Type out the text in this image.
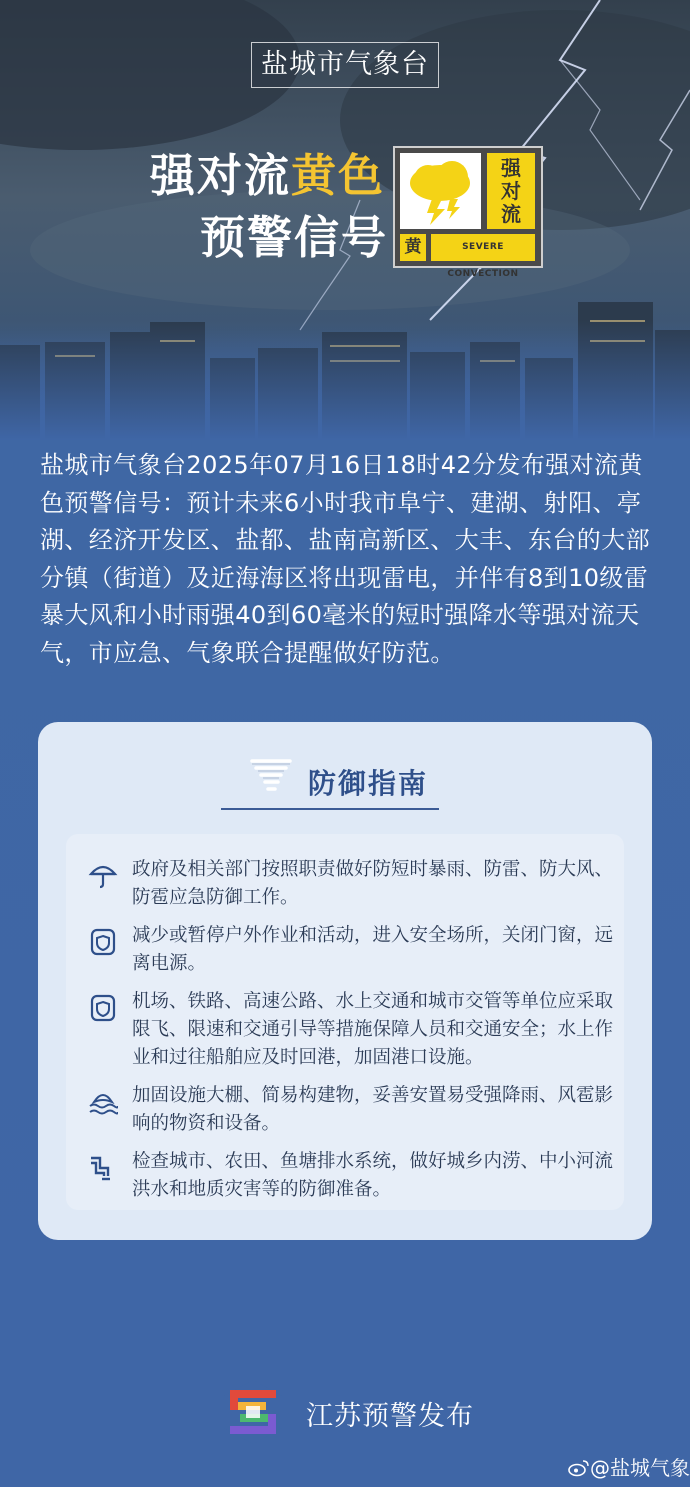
盐城市气象台
强对流黄色
预警信号
强
对
流
黄	SEVERE CONVECTION
盐城市气象台2025年07月16日18时42分发布强对流黄色预警信号：预计未来6小时我市阜宁、建湖、射阳、亭湖、经济开发区、盐都、盐南高新区、大丰、东台的大部分镇（街道）及近海海区将出现雷电，并伴有8到10级雷暴大风和小时雨强40到60毫米的短时强降水等强对流天气，市应急、气象联合提醒做好防范。
防御指南
政府及相关部门按照职责做好防短时暴雨、防雷、防大风、防雹应急防御工作。
减少或暂停户外作业和活动，进入安全场所，关闭门窗，远离电源。
机场、铁路、高速公路、水上交通和城市交管等单位应采取限飞、限速和交通引导等措施保障人员和交通安全；水上作业和过往船舶应及时回港，加固港口设施。
加固设施大棚、简易构建物，妥善安置易受强降雨、风雹影响的物资和设备。
检查城市、农田、鱼塘排水系统，做好城乡内涝、中小河流洪水和地质灾害等的防御准备。
江苏预警发布
@盐城气象
